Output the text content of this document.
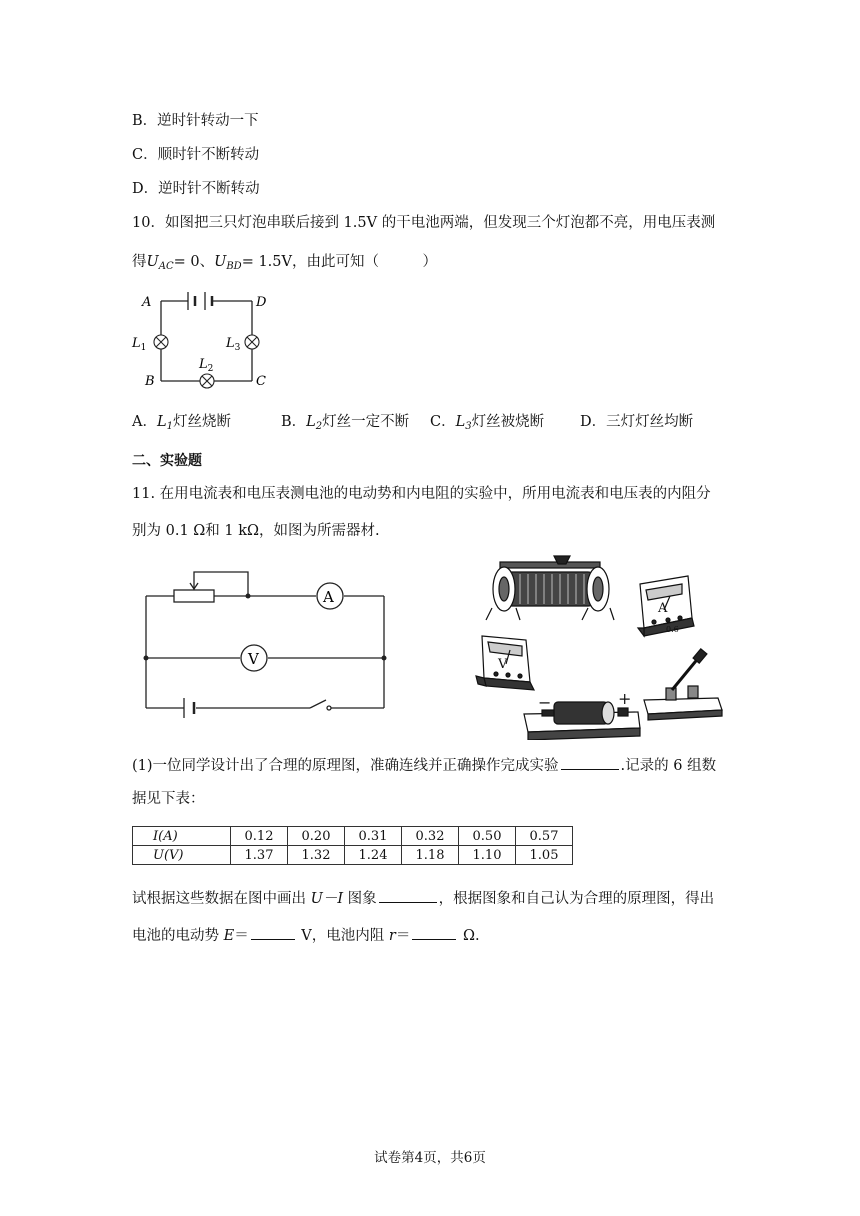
B．逆时针转动一下
C．顺时针不断转动
D．逆时针不断转动
10．如图把三只灯泡串联后接到 1.5V 的干电池两端，但发现三个灯泡都不亮，用电压表测
得$U_{AC}= 0$、$U_{BD}= 1.5V$，由此可知（　　　）
A	D
B	C
$L_1$	$L_3$
$L_2$
A．$L_1$灯丝烧断	B．$L_2$灯丝一定不断 C．$L_3$灯丝被烧断 D．三灯灯丝均断
二、实验题
11. 在用电流表和电压表测电池的电动势和内电阻的实验中，所用电流表和电压表的内阻分
别为 0.1 Ω和 1 kΩ，如图为所需器材.
A
V
A
0.6
V
−	+
(1)一位同学设计出了合理的原理图，准确连线并正确操作完成实验	.记录的 6 组数
据见下表：
I(A)	0.12	0.20	0.31	0.32	0.50	0.57
U(V)	1.37	1.32	1.24	1.18	1.10	1.05
试根据这些数据在图中画出 U－I 图象	，根据图象和自己认为合理的原理图，得出
电池的电动势 E＝	V，电池内阻 r＝	Ω.
试卷第4页，共6页
